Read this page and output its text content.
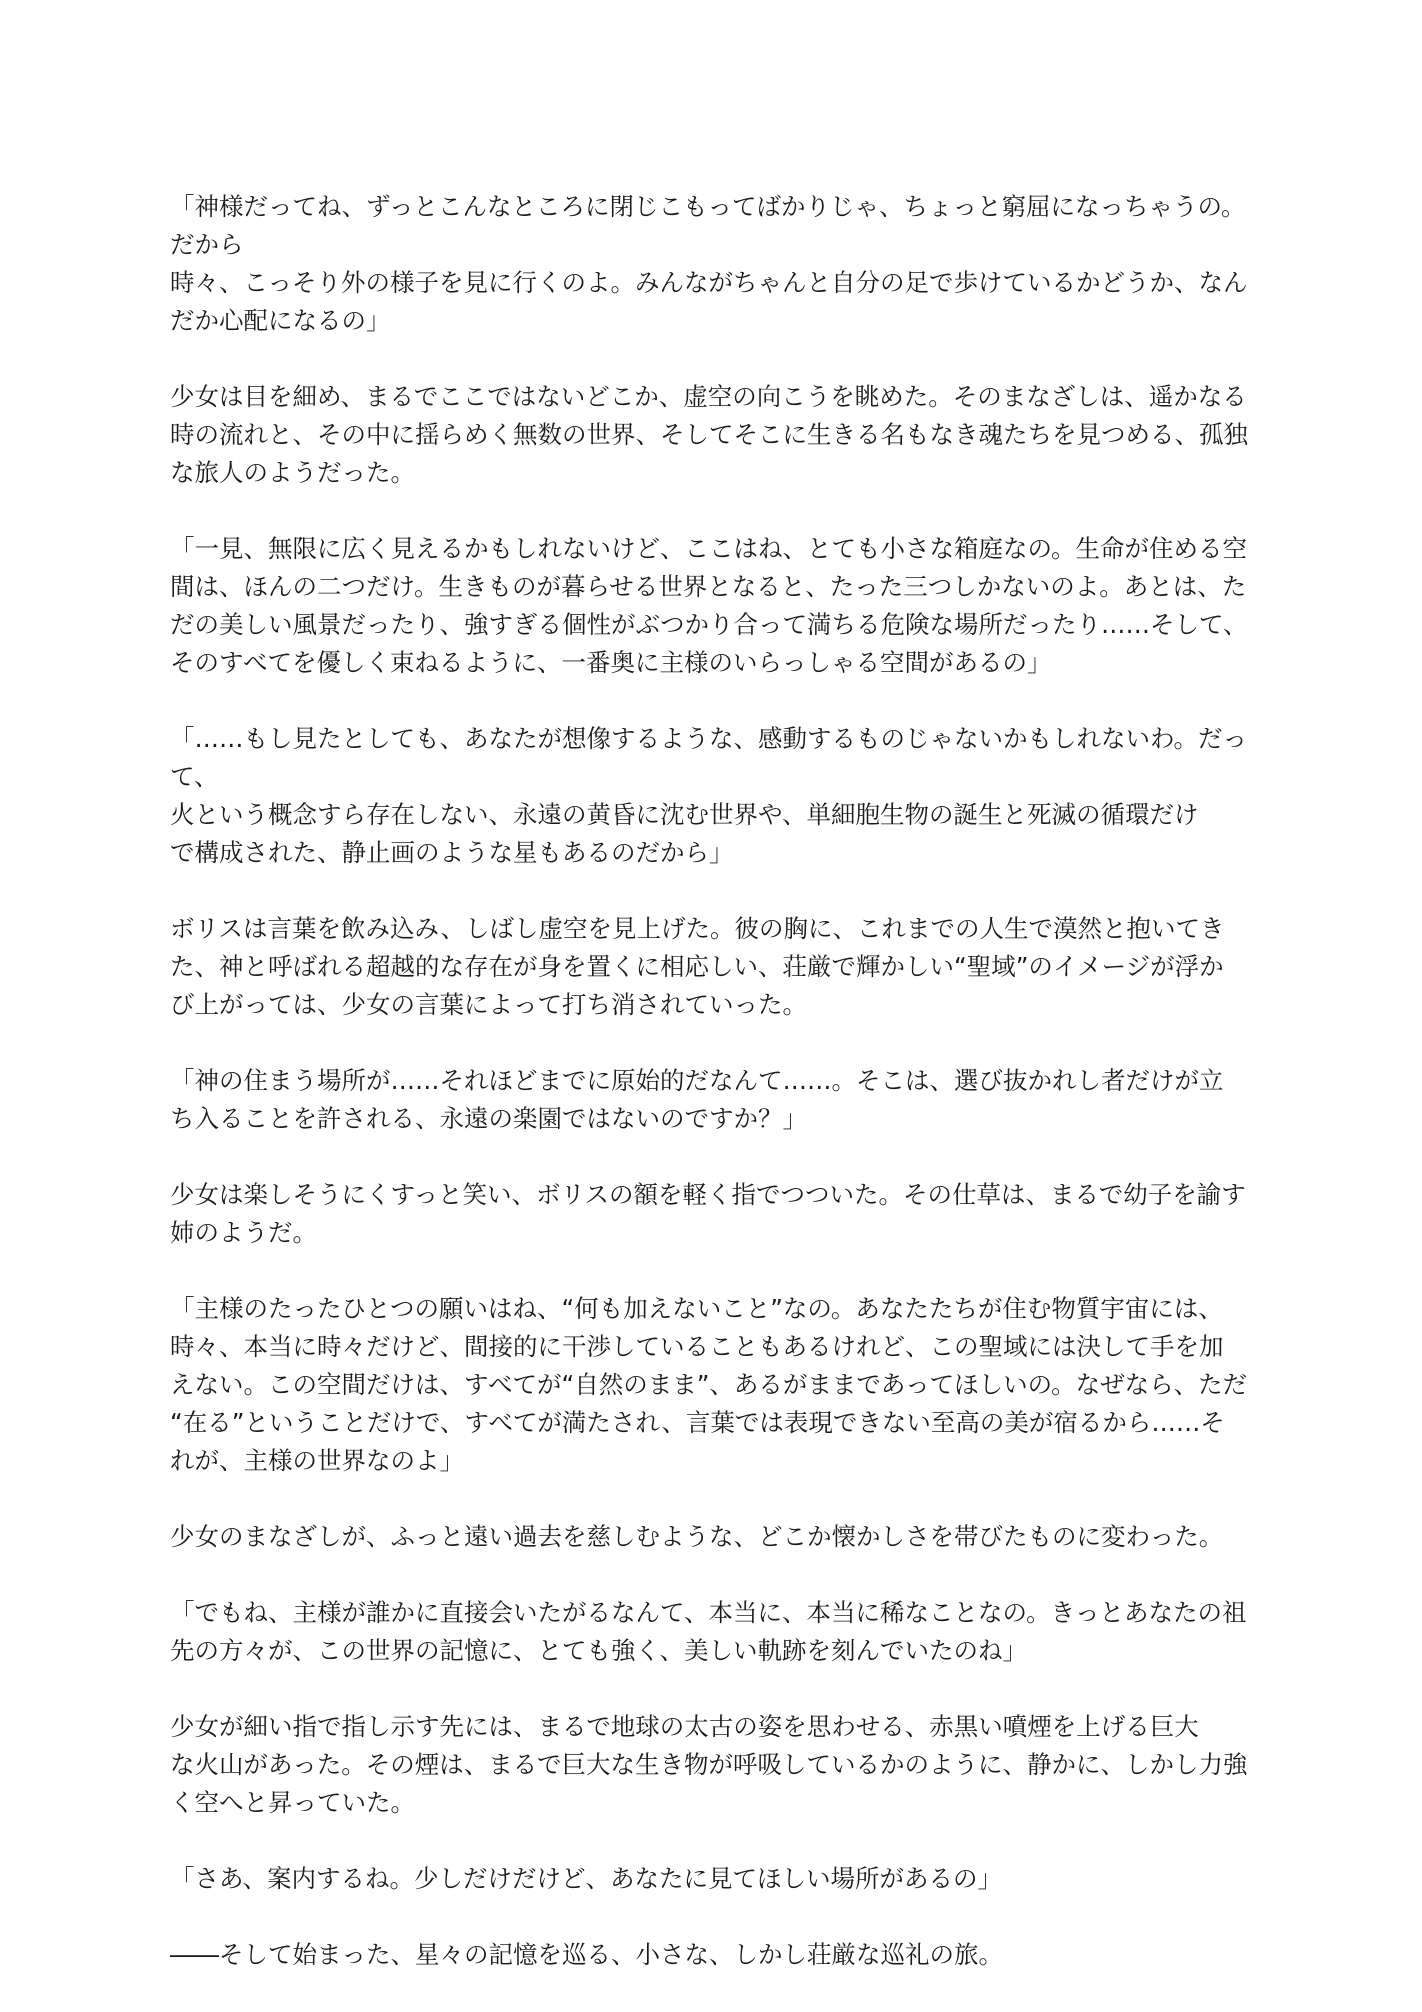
「神様だってね、ずっとこんなところに閉じこもってばかりじゃ、ちょっと窮屈になっちゃうの。だから
時々、こっそり外の様子を見に行くのよ。みんながちゃんと自分の足で歩けているかどうか、なん
だか心配になるの」

少女は目を細め、まるでここではないどこか、虚空の向こうを眺めた。そのまなざしは、遥かなる
時の流れと、その中に揺らめく無数の世界、そしてそこに生きる名もなき魂たちを見つめる、孤独
な旅人のようだった。

「一見、無限に広く見えるかもしれないけど、ここはね、とても小さな箱庭なの。生命が住める空
間は、ほんの二つだけ。生きものが暮らせる世界となると、たった三つしかないのよ。あとは、た
だの美しい風景だったり、強すぎる個性がぶつかり合って満ちる危険な場所だったり……そして、
そのすべてを優しく束ねるように、一番奥に主様のいらっしゃる空間があるの」

「……もし見たとしても、あなたが想像するような、感動するものじゃないかもしれないわ。だって、
火という概念すら存在しない、永遠の黄昏に沈む世界や、単細胞生物の誕生と死滅の循環だけ
で構成された、静止画のような星もあるのだから」

ボリスは言葉を飲み込み、しばし虚空を見上げた。彼の胸に、これまでの人生で漠然と抱いてき
た、神と呼ばれる超越的な存在が身を置くに相応しい、荘厳で輝かしい“聖域”のイメージが浮か
び上がっては、少女の言葉によって打ち消されていった。

「神の住まう場所が……それほどまでに原始的だなんて……。そこは、選び抜かれし者だけが立
ち入ることを許される、永遠の楽園ではないのですか？」

少女は楽しそうにくすっと笑い、ボリスの額を軽く指でつついた。その仕草は、まるで幼子を諭す
姉のようだ。

「主様のたったひとつの願いはね、“何も加えないこと”なの。あなたたちが住む物質宇宙には、
時々、本当に時々だけど、間接的に干渉していることもあるけれど、この聖域には決して手を加
えない。この空間だけは、すべてが“自然のまま”、あるがままであってほしいの。なぜなら、ただ
“在る”ということだけで、すべてが満たされ、言葉では表現できない至高の美が宿るから……そ
れが、主様の世界なのよ」

少女のまなざしが、ふっと遠い過去を慈しむような、どこか懐かしさを帯びたものに変わった。

「でもね、主様が誰かに直接会いたがるなんて、本当に、本当に稀なことなの。きっとあなたの祖
先の方々が、この世界の記憶に、とても強く、美しい軌跡を刻んでいたのね」

少女が細い指で指し示す先には、まるで地球の太古の姿を思わせる、赤黒い噴煙を上げる巨大
な火山があった。その煙は、まるで巨大な生き物が呼吸しているかのように、静かに、しかし力強
く空へと昇っていた。

「さあ、案内するね。少しだけだけど、あなたに見てほしい場所があるの」

――そして始まった、星々の記憶を巡る、小さな、しかし荘厳な巡礼の旅。
